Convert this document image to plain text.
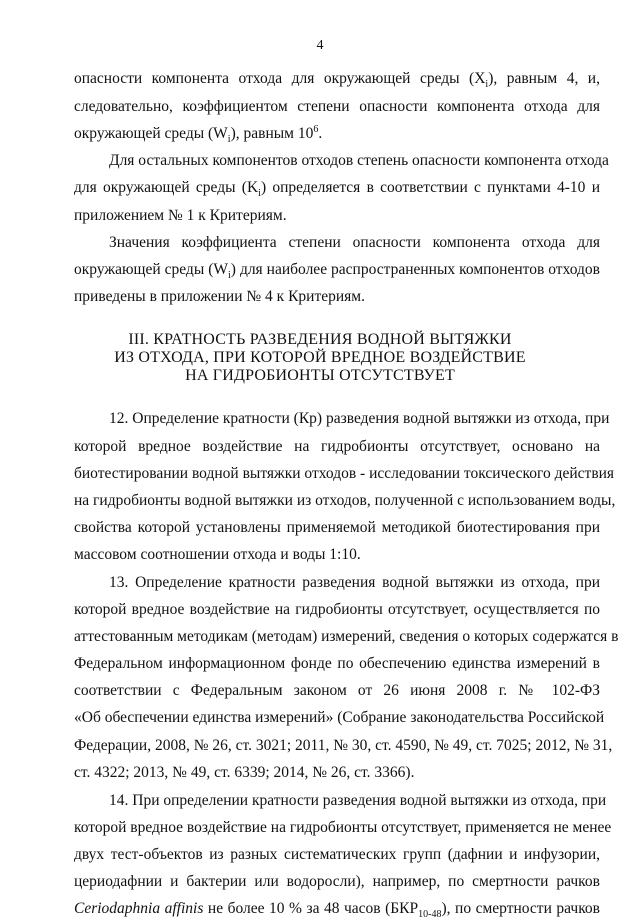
4
опасности компонента отхода для окружающей среды $(X_i)$, равным 4, и,
следовательно, коэффициентом степени опасности компонента отхода для
окружающей среды $(W_i)$, равным $10^6$.
Для остальных компонентов отходов степень опасности компонента отхода
для окружающей среды $(K_i)$ определяется в соответствии с пунктами 4-10 и
приложением № 1 к Критериям.
Значения коэффициента степени опасности компонента отхода для
окружающей среды $(W_i)$ для наиболее распространенных компонентов отходов
приведены в приложении № 4 к Критериям.
III. КРАТНОСТЬ РАЗВЕДЕНИЯ ВОДНОЙ ВЫТЯЖКИ
ИЗ ОТХОДА, ПРИ КОТОРОЙ ВРЕДНОЕ ВОЗДЕЙСТВИЕ
НА ГИДРОБИОНТЫ ОТСУТСТВУЕТ
12. Определение кратности (Кр) разведения водной вытяжки из отхода, при
которой вредное воздействие на гидробионты отсутствует, основано на
биотестировании водной вытяжки отходов - исследовании токсического действия
на гидробионты водной вытяжки из отходов, полученной с использованием воды,
свойства которой установлены применяемой методикой биотестирования при
массовом соотношении отхода и воды 1:10.
13. Определение кратности разведения водной вытяжки из отхода, при
которой вредное воздействие на гидробионты отсутствует, осуществляется по
аттестованным методикам (методам) измерений, сведения о которых содержатся в
Федеральном информационном фонде по обеспечению единства измерений в
соответствии с Федеральным законом от 26 июня 2008 г. № 102-ФЗ
«Об обеспечении единства измерений» (Собрание законодательства Российской
Федерации, 2008, № 26, ст. 3021; 2011, № 30, ст. 4590, № 49, ст. 7025; 2012, № 31,
ст. 4322; 2013, № 49, ст. 6339; 2014, № 26, ст. 3366).
14. При определении кратности разведения водной вытяжки из отхода, при
которой вредное воздействие на гидробионты отсутствует, применяется не менее
двух тест-объектов из разных систематических групп (дафнии и инфузории,
цериодафнии и бактерии или водоросли), например, по смертности рачков
Ceriodaphnia affinis не более 10 % за 48 часов $(БКР_{10-48})$, по смертности рачков
